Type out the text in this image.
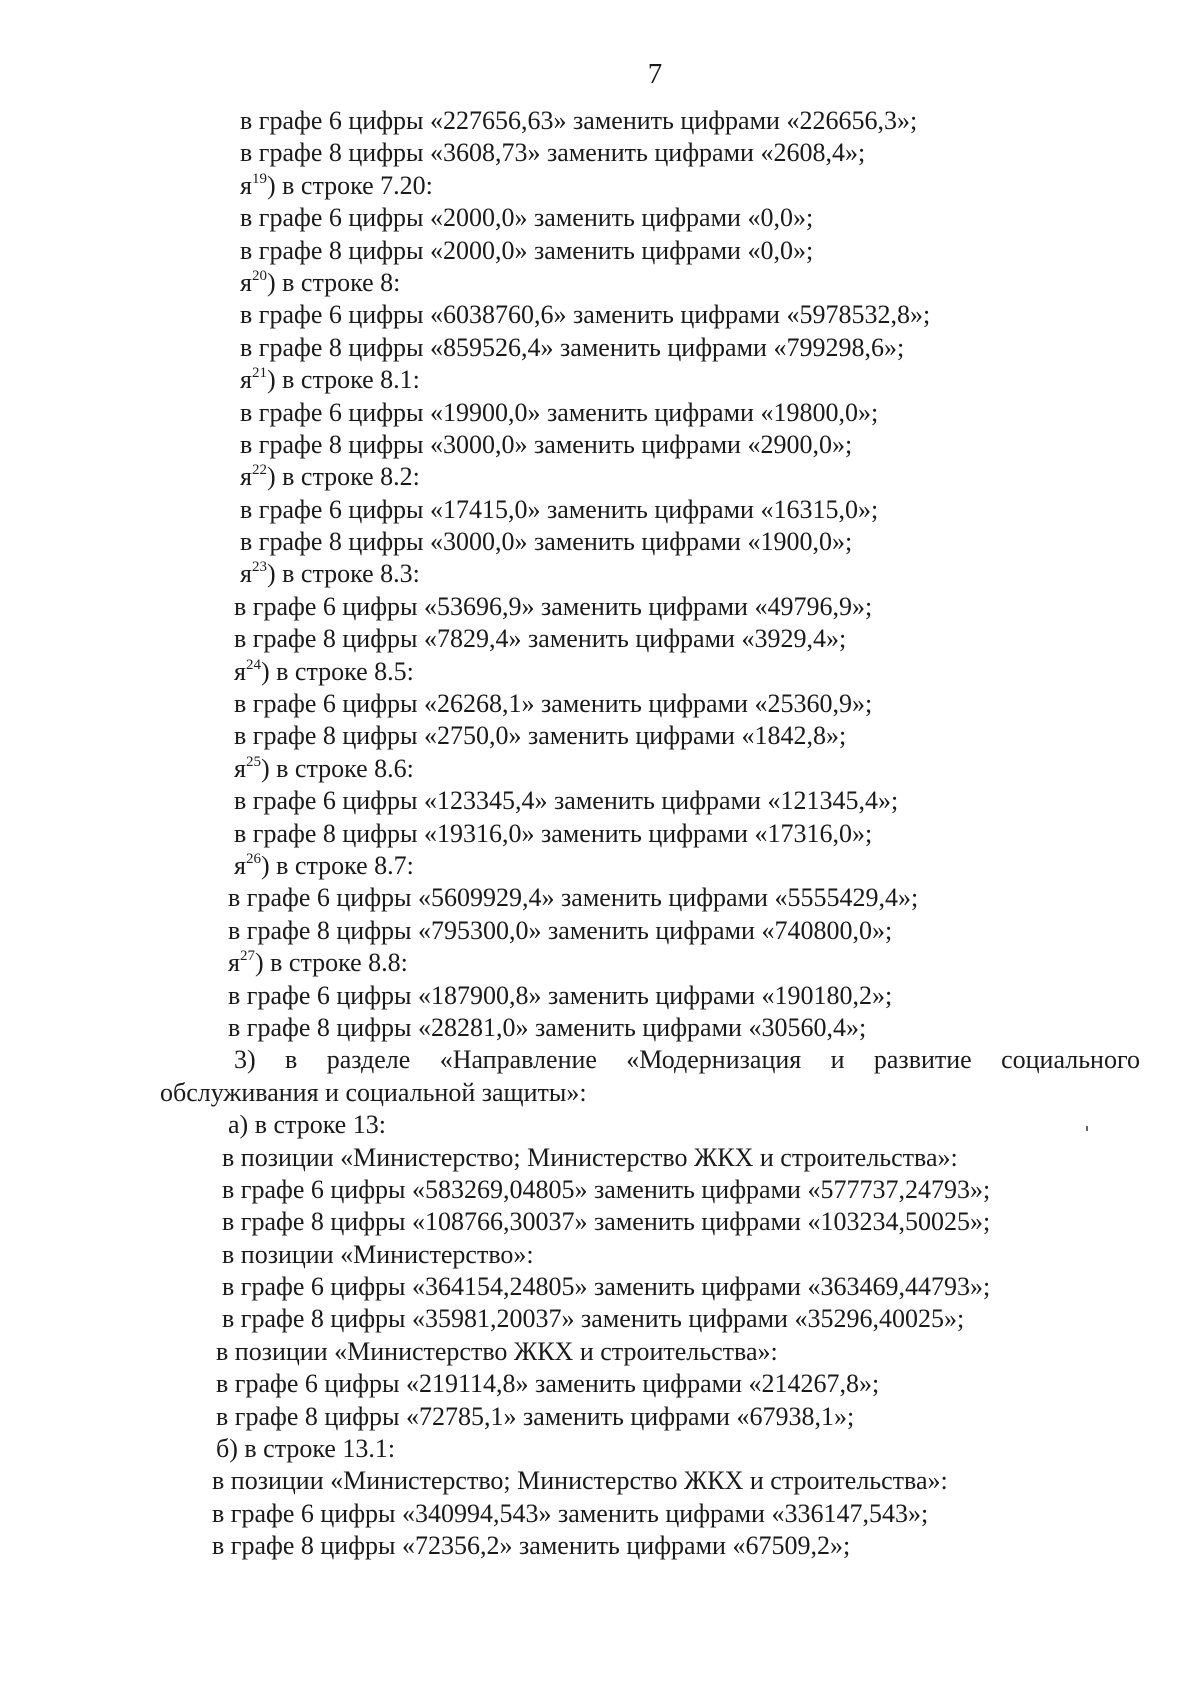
7
в графе 6 цифры «227656,63» заменить цифрами «226656,3»;
в графе 8 цифры «3608,73» заменить цифрами «2608,4»;
я$^{19}$) в строке 7.20:
в графе 6 цифры «2000,0» заменить цифрами «0,0»;
в графе 8 цифры «2000,0» заменить цифрами «0,0»;
я$^{20}$) в строке 8:
в графе 6 цифры «6038760,6» заменить цифрами «5978532,8»;
в графе 8 цифры «859526,4» заменить цифрами «799298,6»;
я$^{21}$) в строке 8.1:
в графе 6 цифры «19900,0» заменить цифрами «19800,0»;
в графе 8 цифры «3000,0» заменить цифрами «2900,0»;
я$^{22}$) в строке 8.2:
в графе 6 цифры «17415,0» заменить цифрами «16315,0»;
в графе 8 цифры «3000,0» заменить цифрами «1900,0»;
я$^{23}$) в строке 8.3:
в графе 6 цифры «53696,9» заменить цифрами «49796,9»;
в графе 8 цифры «7829,4» заменить цифрами «3929,4»;
я$^{24}$) в строке 8.5:
в графе 6 цифры «26268,1» заменить цифрами «25360,9»;
в графе 8 цифры «2750,0» заменить цифрами «1842,8»;
я$^{25}$) в строке 8.6:
в графе 6 цифры «123345,4» заменить цифрами «121345,4»;
в графе 8 цифры «19316,0» заменить цифрами «17316,0»;
я$^{26}$) в строке 8.7:
в графе 6 цифры «5609929,4» заменить цифрами «5555429,4»;
в графе 8 цифры «795300,0» заменить цифрами «740800,0»;
я$^{27}$) в строке 8.8:
в графе 6 цифры «187900,8» заменить цифрами «190180,2»;
в графе 8 цифры «28281,0» заменить цифрами «30560,4»;
3) в разделе «Направление «Модернизация и развитие социального
обслуживания и социальной защиты»:
а) в строке 13:
в позиции «Министерство; Министерство ЖКХ и строительства»:
в графе 6 цифры «583269,04805» заменить цифрами «577737,24793»;
в графе 8 цифры «108766,30037» заменить цифрами «103234,50025»;
в позиции «Министерство»:
в графе 6 цифры «364154,24805» заменить цифрами «363469,44793»;
в графе 8 цифры «35981,20037» заменить цифрами «35296,40025»;
в позиции «Министерство ЖКХ и строительства»:
в графе 6 цифры «219114,8» заменить цифрами «214267,8»;
в графе 8 цифры «72785,1» заменить цифрами «67938,1»;
б) в строке 13.1:
в позиции «Министерство; Министерство ЖКХ и строительства»:
в графе 6 цифры «340994,543» заменить цифрами «336147,543»;
в графе 8 цифры «72356,2» заменить цифрами «67509,2»;
